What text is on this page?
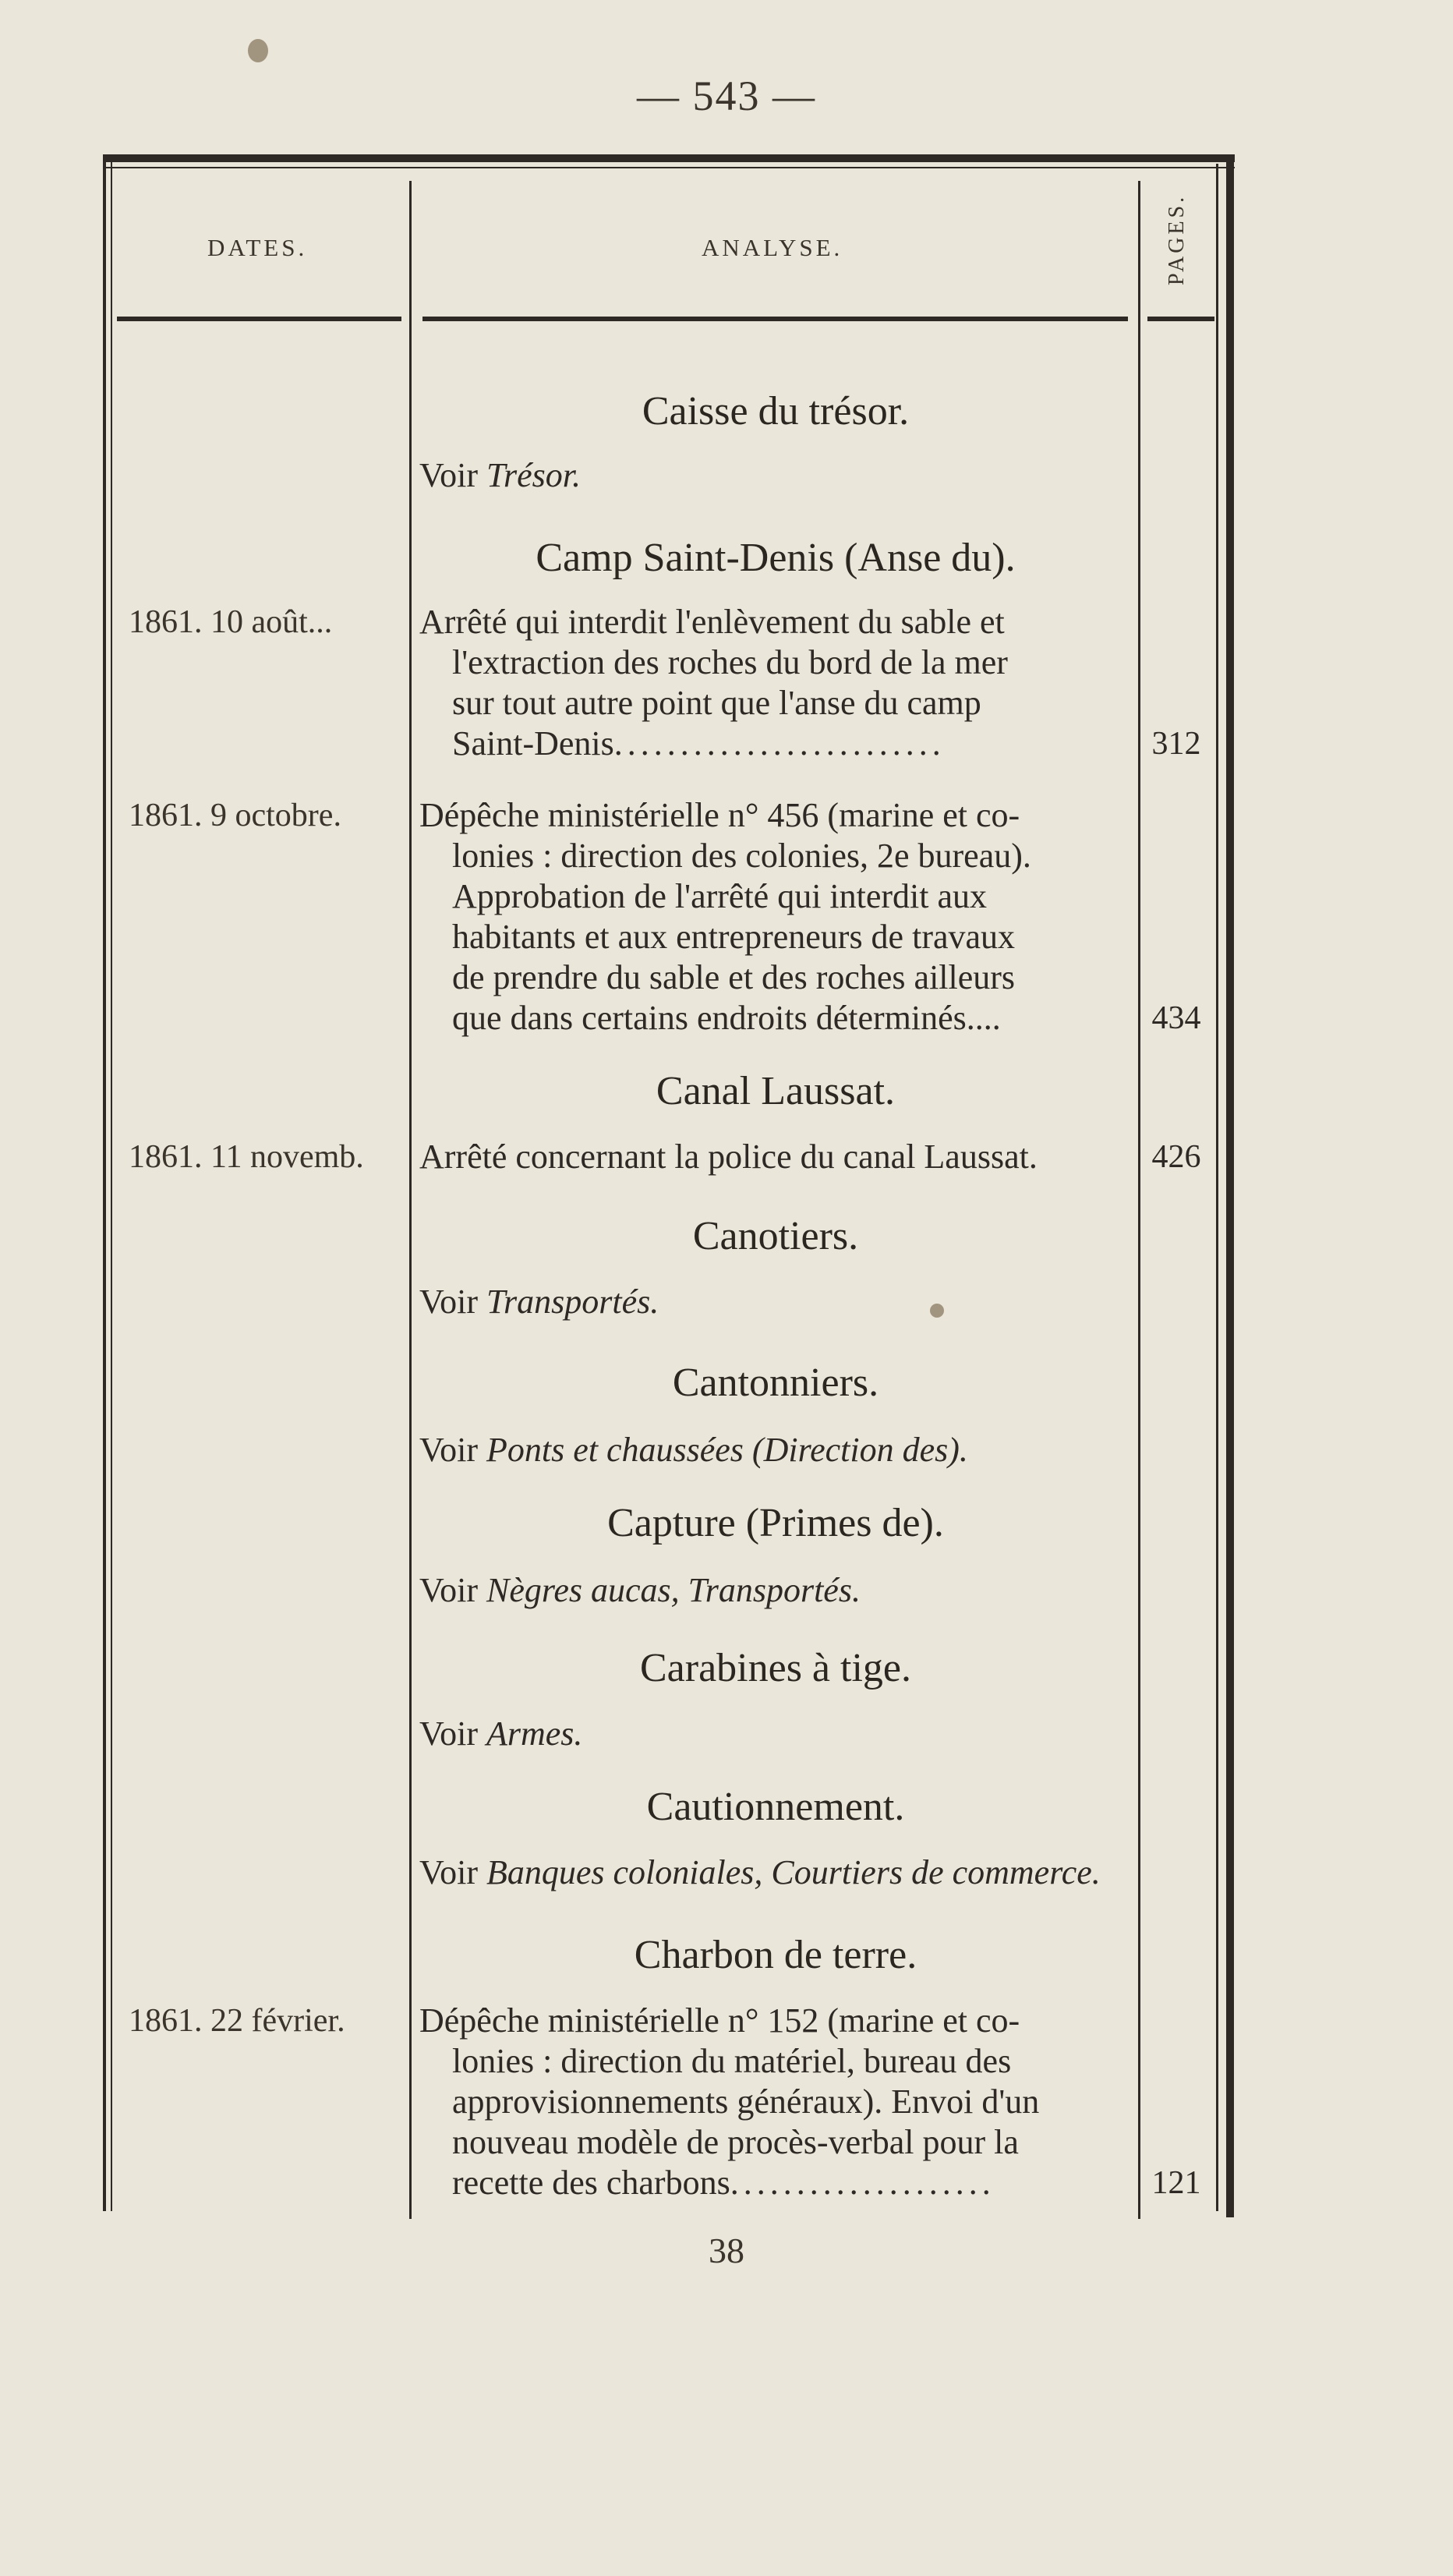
— 543 —
DATES.	ANALYSE.	PAGES.
Caisse du trésor.
Voir Trésor.
Camp Saint-Denis (Anse du).
1861. 10 août...	Arrêté qui interdit l'enlèvement du sable et
l'extraction des roches du bord de la mer
sur tout autre point que l'anse du camp
Saint-Denis.........................	312
1861. 9 octobre. Dépêche ministérielle n° 456 (marine et co-
lonies : direction des colonies, 2e bureau).
Approbation de l'arrêté qui interdit aux
habitants et aux entrepreneurs de travaux
de prendre du sable et des roches ailleurs
que dans certains endroits déterminés....	434
Canal Laussat.
1861. 11 novemb. Arrêté concernant la police du canal Laussat.	426
Canotiers.
Voir Transportés.
Cantonniers.
Voir Ponts et chaussées (Direction des).
Capture (Primes de).
Voir Nègres aucas, Transportés.
Carabines à tige.
Voir Armes.
Cautionnement.
Voir Banques coloniales, Courtiers de commerce.
Charbon de terre.
1861. 22 février. Dépêche ministérielle n° 152 (marine et co-
lonies : direction du matériel, bureau des
approvisionnements généraux). Envoi d'un
nouveau modèle de procès-verbal pour la
recette des charbons....................	121
38
